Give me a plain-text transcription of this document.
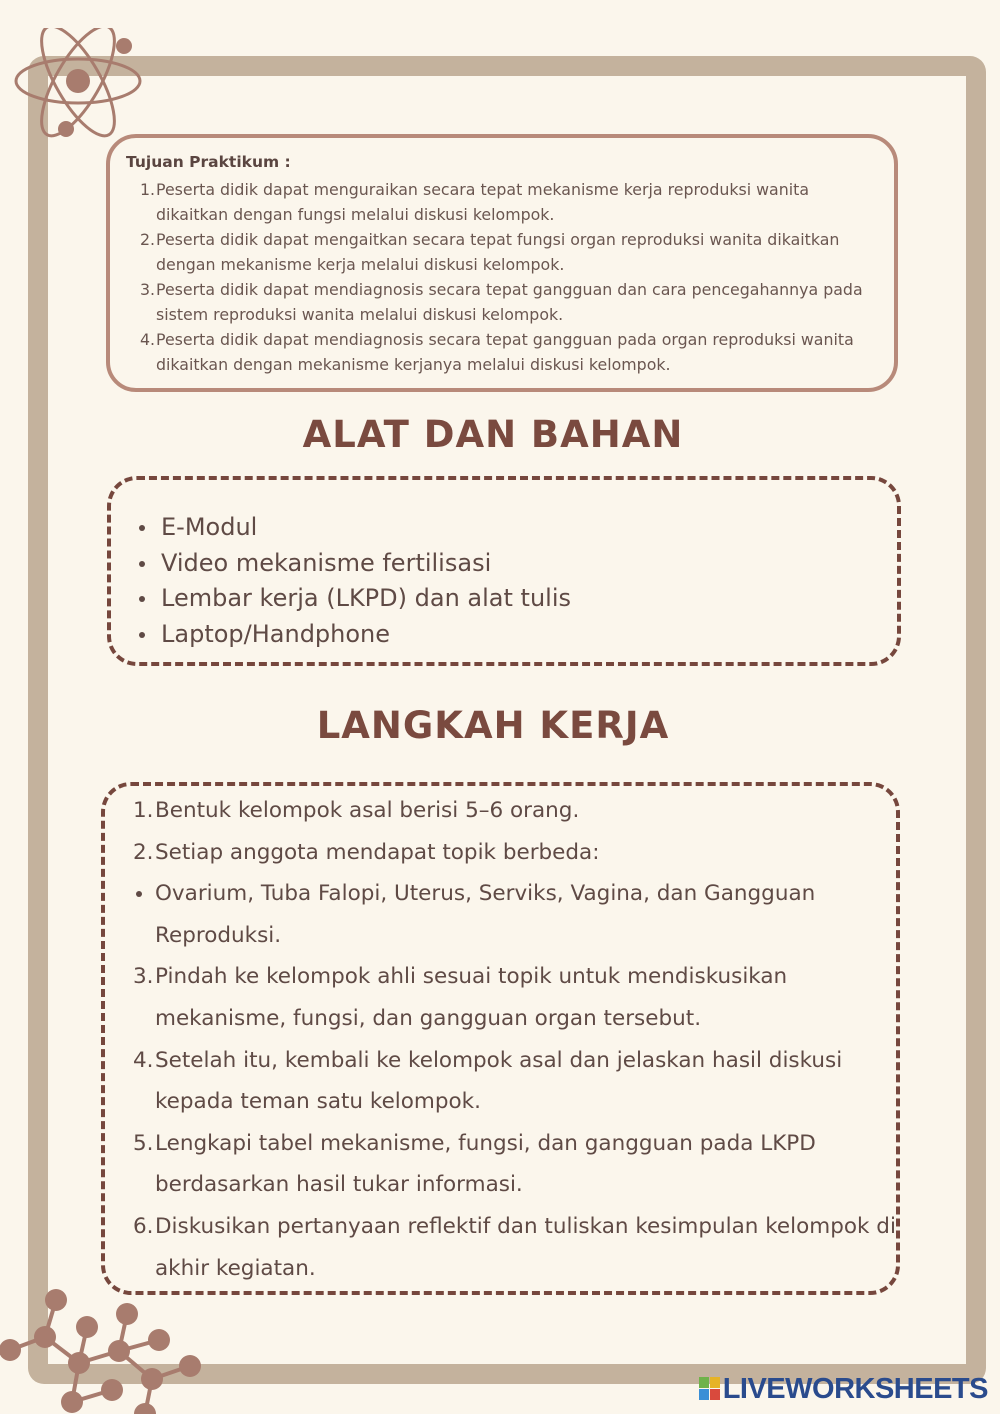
Tujuan Praktikum :
1. Peserta didik dapat menguraikan secara tepat mekanisme kerja reproduksi wanita dikaitkan dengan fungsi melalui diskusi kelompok.
2. Peserta didik dapat mengaitkan secara tepat fungsi organ reproduksi wanita dikaitkan dengan mekanisme kerja melalui diskusi kelompok.
3. Peserta didik dapat mendiagnosis secara tepat gangguan dan cara pencegahannya pada sistem reproduksi wanita melalui diskusi kelompok.
4. Peserta didik dapat mendiagnosis secara tepat gangguan pada organ reproduksi wanita dikaitkan dengan mekanisme kerjanya melalui diskusi kelompok.
ALAT DAN BAHAN
E-Modul
Video mekanisme fertilisasi
Lembar kerja (LKPD) dan alat tulis
Laptop/Handphone
LANGKAH KERJA
1. Bentuk kelompok asal berisi 5–6 orang.
2. Setiap anggota mendapat topik berbeda:
Ovarium, Tuba Falopi, Uterus, Serviks, Vagina, dan Gangguan Reproduksi.
3. Pindah ke kelompok ahli sesuai topik untuk mendiskusikan mekanisme, fungsi, dan gangguan organ tersebut.
4. Setelah itu, kembali ke kelompok asal dan jelaskan hasil diskusi kepada teman satu kelompok.
5. Lengkapi tabel mekanisme, fungsi, dan gangguan pada LKPD berdasarkan hasil tukar informasi.
6. Diskusikan pertanyaan reflektif dan tuliskan kesimpulan kelompok di akhir kegiatan.
LIVEWORKSHEETS
